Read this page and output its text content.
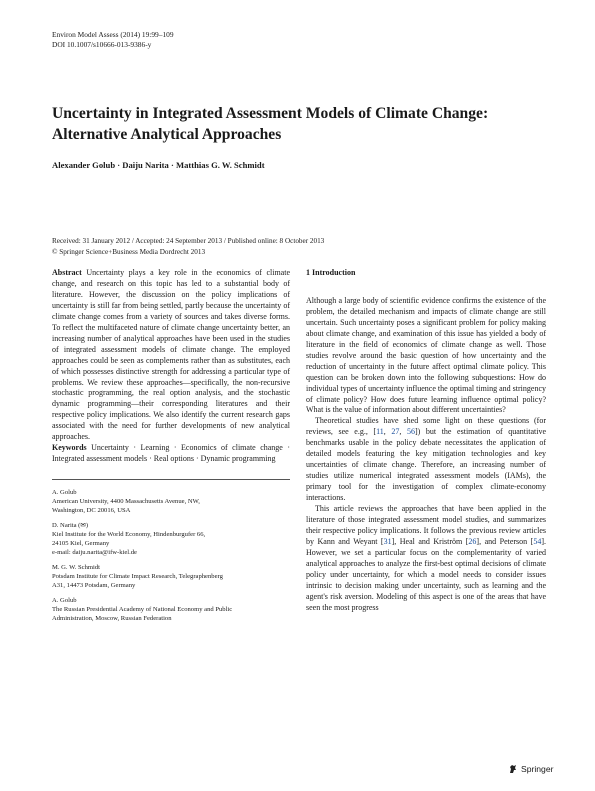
Environ Model Assess (2014) 19:99–109
DOI 10.1007/s10666-013-9386-y
Uncertainty in Integrated Assessment Models of Climate Change: Alternative Analytical Approaches
Alexander Golub · Daiju Narita · Matthias G. W. Schmidt
Received: 31 January 2012 / Accepted: 24 September 2013 / Published online: 8 October 2013
© Springer Science+Business Media Dordrecht 2013

Abstract Uncertainty plays a key role in the economics of climate change, and research on this topic has led to a substantial body of literature. However, the discussion on the policy implications of uncertainty is still far from being settled, partly because the uncertainty of climate change comes from a variety of sources and takes diverse forms. To reflect the multifaceted nature of climate change uncertainty better, an increasing number of analytical approaches have been used in the studies of integrated assessment models of climate change. The employed approaches could be seen as complements rather than as substitutes, each of which possesses distinctive strength for addressing a particular type of problems. We review these approaches—specifically, the non-recursive stochastic programming, the real option analysis, and the stochastic dynamic programming—their corresponding literatures and their respective policy implications. We also identify the current research gaps associated with the need for further developments of new analytical approaches.

Keywords Uncertainty · Learning · Economics of climate change · Integrated assessment models · Real options · Dynamic programming

A. Golub
American University, 4400 Massachusetts Avenue, NW,
Washington, DC 20016, USA
D. Narita (✉)
Kiel Institute for the World Economy, Hindenburgufer 66,
24105 Kiel, Germany
e-mail: daiju.narita@ifw-kiel.de
M. G. W. Schmidt
Potsdam Institute for Climate Impact Research, Telegraphenberg
A31, 14473 Potsdam, Germany
A. Golub
The Russian Presidential Academy of National Economy and Public
Administration, Moscow, Russian Federation
1 Introduction

Although a large body of scientific evidence confirms the existence of the problem, the detailed mechanism and impacts of climate change are still uncertain. Such uncertainty poses a significant problem for policy making about climate change, and examination of this issue has yielded a body of literature in the field of economics of climate change as well. Those studies revolve around the basic question of how uncertainty and the reduction of uncertainty in the future affect optimal climate policy. This question can be broken down into the following subquestions: How do individual types of uncertainty influence the optimal timing and stringency of climate policy? How does future learning influence optimal policy? What is the value of information about different uncertainties?

Theoretical studies have shed some light on these questions (for reviews, see e.g., [11, 27, 56]) but the estimation of quantitative benchmarks usable in the policy debate necessitates the application of detailed models featuring the key mitigation technologies and key uncertainties of climate change. Therefore, an increasing number of studies utilize numerical integrated assessment models (IAMs), the primary tool for the investigation of complex climate-economy interactions.

This article reviews the approaches that have been applied in the literature of those integrated assessment model studies, and summarizes their respective policy implications. It follows the previous review articles by Kann and Weyant [31], Heal and Kriström [26], and Peterson [54]. However, we set a particular focus on the complementarity of varied analytical approaches to analyze the first-best optimal decisions of climate policy under uncertainty, for which a model needs to consider issues intrinsic to decision making under uncertainty, such as learning and the agent's risk aversion. Modeling of this aspect is one of the areas that have seen the most progress

Springer
